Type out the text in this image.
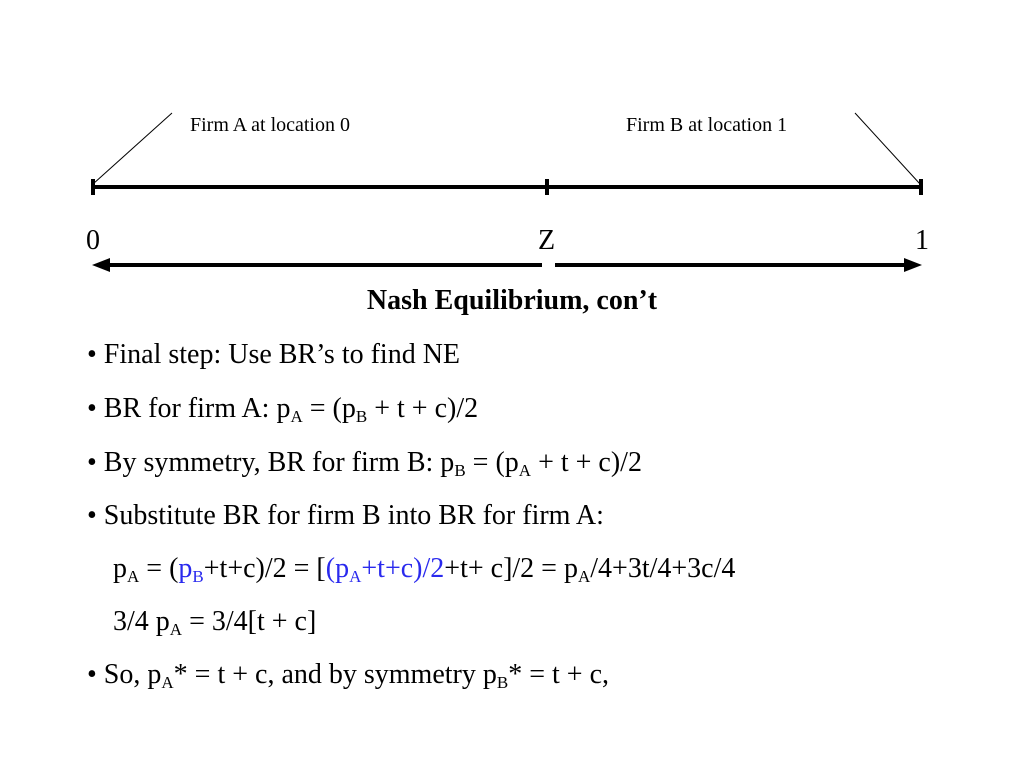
Firm A at location 0	Firm B at location 1
0	Z	1
Nash Equilibrium, con’t
• Final step: Use BR’s to find NE
• BR for firm A: $p_A = (p_B + t + c)/2$
• By symmetry, BR for firm B: $p_B = (p_A + t + c)/2$
• Substitute BR for firm B into BR for firm A:
$p_A = (p_B+t+c)/2 = [(p_A+t+c)/2+t+ c]/2 = p_A/4+3t/4+3c/4$
3/4 $p_A = 3/4[t + c]$
• So, $p_A* = t + c$, and by symmetry $p_B* = t + c$,
